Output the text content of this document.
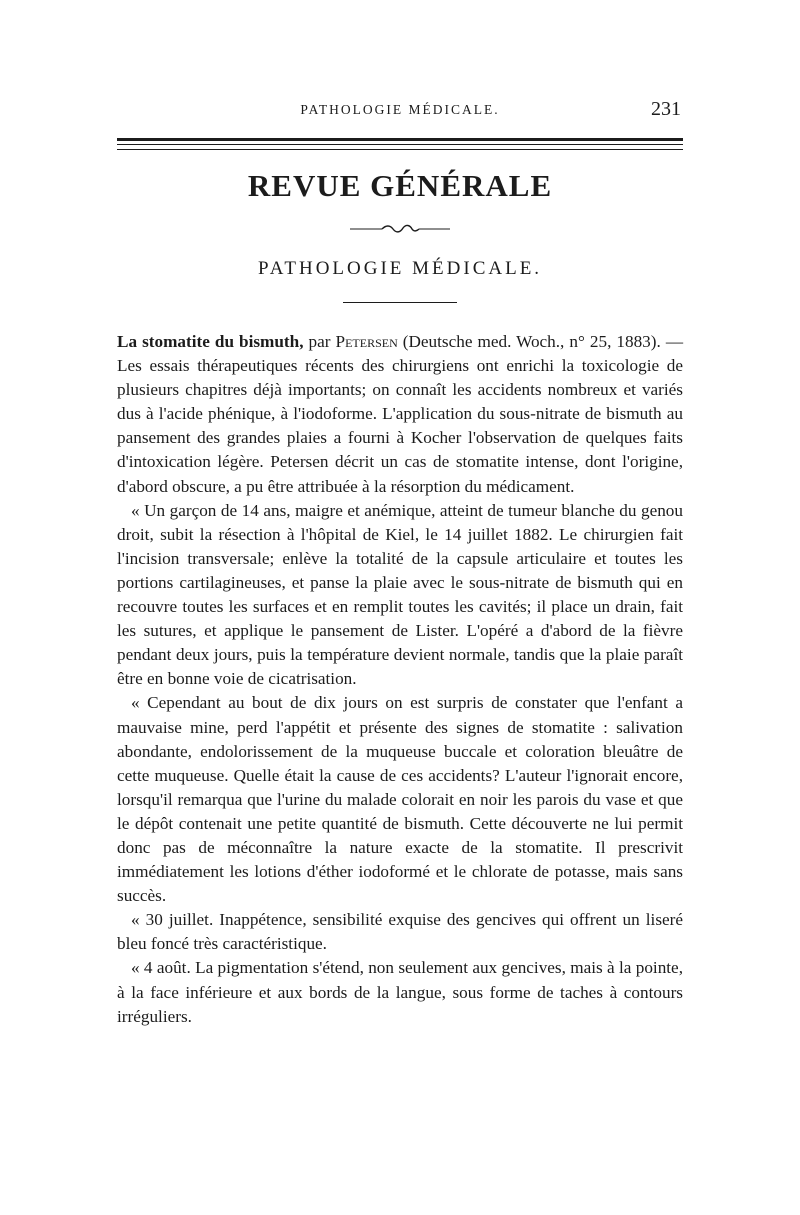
PATHOLOGIE MÉDICALE.	231
REVUE GÉNÉRALE
PATHOLOGIE MÉDICALE.

La stomatite du bismuth, par Petersen (Deutsche med. Woch., n° 25, 1883). — Les essais thérapeutiques récents des chirurgiens ont enrichi la toxicologie de plusieurs chapitres déjà importants; on connaît les accidents nombreux et variés dus à l'acide phénique, à l'iodoforme. L'application du sous-nitrate de bismuth au pansement des grandes plaies a fourni à Kocher l'observation de quelques faits d'intoxication légère. Petersen décrit un cas de stomatite intense, dont l'origine, d'abord obscure, a pu être attribuée à la résorption du médicament.

« Un garçon de 14 ans, maigre et anémique, atteint de tumeur blanche du genou droit, subit la résection à l'hôpital de Kiel, le 14 juillet 1882. Le chirurgien fait l'incision transversale; enlève la totalité de la capsule articulaire et toutes les portions cartilagineuses, et panse la plaie avec le sous-nitrate de bismuth qui en recouvre toutes les surfaces et en remplit toutes les cavités; il place un drain, fait les sutures, et applique le pansement de Lister. L'opéré a d'abord de la fièvre pendant deux jours, puis la température devient normale, tandis que la plaie paraît être en bonne voie de cicatrisation.

« Cependant au bout de dix jours on est surpris de constater que l'enfant a mauvaise mine, perd l'appétit et présente des signes de stomatite : salivation abondante, endolorissement de la muqueuse buccale et coloration bleuâtre de cette muqueuse. Quelle était la cause de ces accidents? L'auteur l'ignorait encore, lorsqu'il remarqua que l'urine du malade colorait en noir les parois du vase et que le dépôt contenait une petite quantité de bismuth. Cette découverte ne lui permit donc pas de méconnaître la nature exacte de la stomatite. Il prescrivit immédiatement les lotions d'éther iodoformé et le chlorate de potasse, mais sans succès.

« 30 juillet. Inappétence, sensibilité exquise des gencives qui offrent un liseré bleu foncé très caractéristique.

« 4 août. La pigmentation s'étend, non seulement aux gencives, mais à la pointe, à la face inférieure et aux bords de la langue, sous forme de taches à contours irréguliers.
